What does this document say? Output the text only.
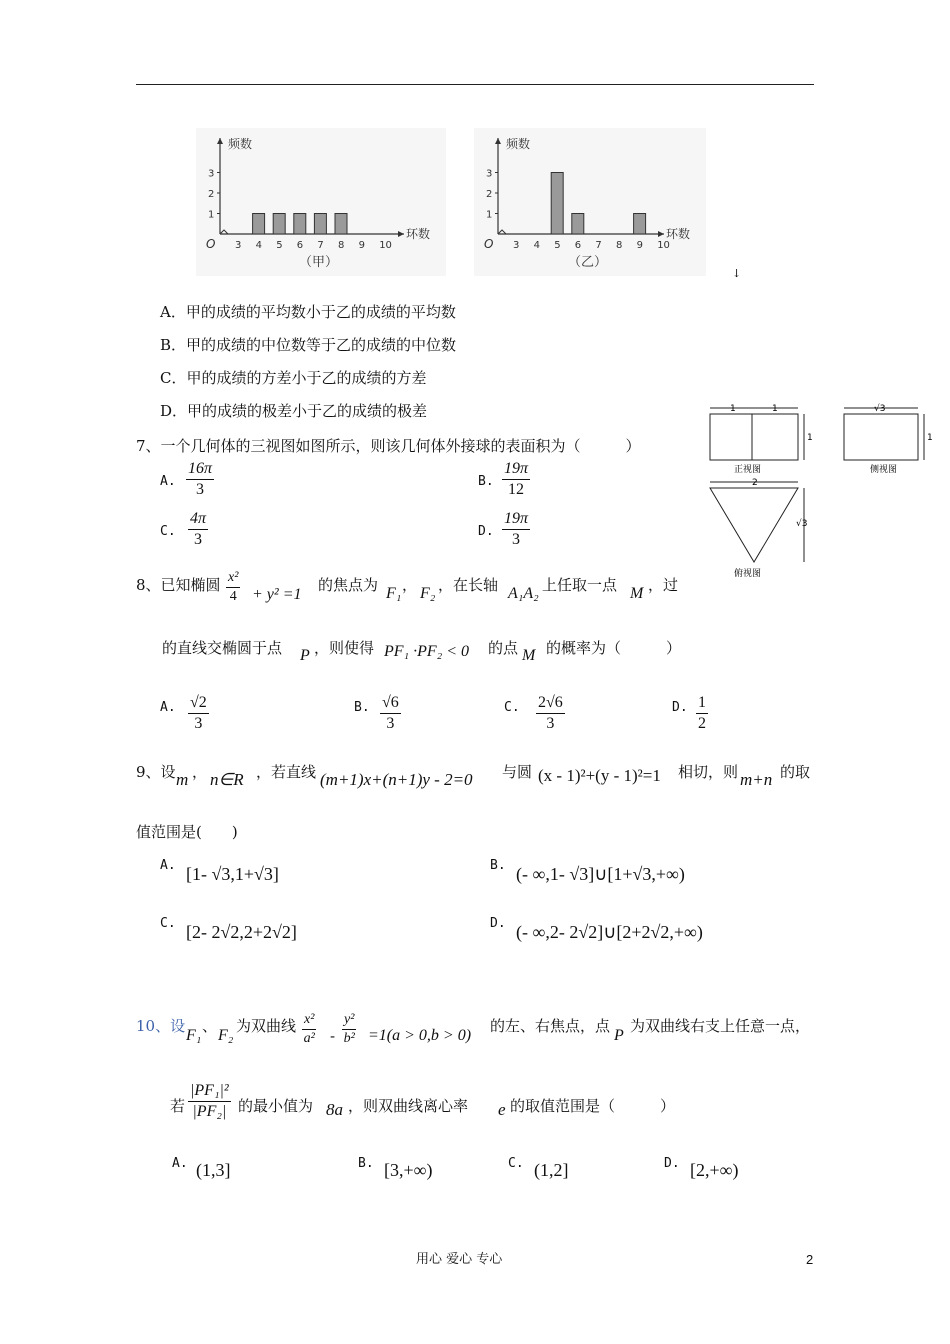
频数
环数
O
1
2
3
3 4 5 6 7 8 9 10
（甲）
频数
环数
O
1
2
3
3 4 5 6 7 8 9 10
（乙）
↓
A．甲的成绩的平均数小于乙的成绩的平均数
B．甲的成绩的中位数等于乙的成绩的中位数
C．甲的成绩的方差小于乙的成绩的方差
D．甲的成绩的极差小于乙的成绩的极差	1	1
1
正视图
√3
1
侧视图
2
√3
俯视图
7、一个几何体的三视图如图所示，则该几何体外接球的表面积为（　　　）
A. $\frac{16\pi}{3}$	B. $\frac{19\pi}{12}$
C. $\frac{4\pi}{3}$	D. $\frac{19\pi}{3}$
8、已知椭圆 $\frac{\text{x²}}{4} + y^2 =1$
的焦点为 F₁ ， F₂ ，在长轴 A₁A₂ 上任取一点 M ，过
的直线交椭圆于点 P ，则使得 PF₁ ·PF₂ < 0 的点 M 的概率为（　　　）
A. $\frac{√2}{3}$	B. $\frac{√6}{3}$	C. $\frac{2√6}{3}$	D. $\frac{1}{2}$
9、设 m ， n∈R ，若直线 (m+1)x+(n+1)y - 2=0 与圆 (x - 1)²+(y - 1)²=1 相切，则 m+n 的取
值范围是(　　)
A. [1- √3,1+√3]	B. (- ∞,1- √3]∪[1+√3,+∞)
C. [2- 2√2,2+2√2]	D. (- ∞,2- 2√2]∪[2+2√2,+∞)
10、设
F₁
、
F₂
为双曲线 $\frac{\text{x²}}{\text{a²}} - \frac{\text{y²}}{\text{b²}} =1(a > 0,b > 0)$
的左、右焦点，点
P
为双曲线右支上任意一点，
若 $\frac{\text{|PF₁|²}}{\text{|PF₂|}}$ 的最小值为 8a ，则双曲线离心率 e 的取值范围是（　　　）
A. (1,3]	B. [3,+∞)	C. (1,2]	D. [2,+∞)
用心 爱心 专心	2
